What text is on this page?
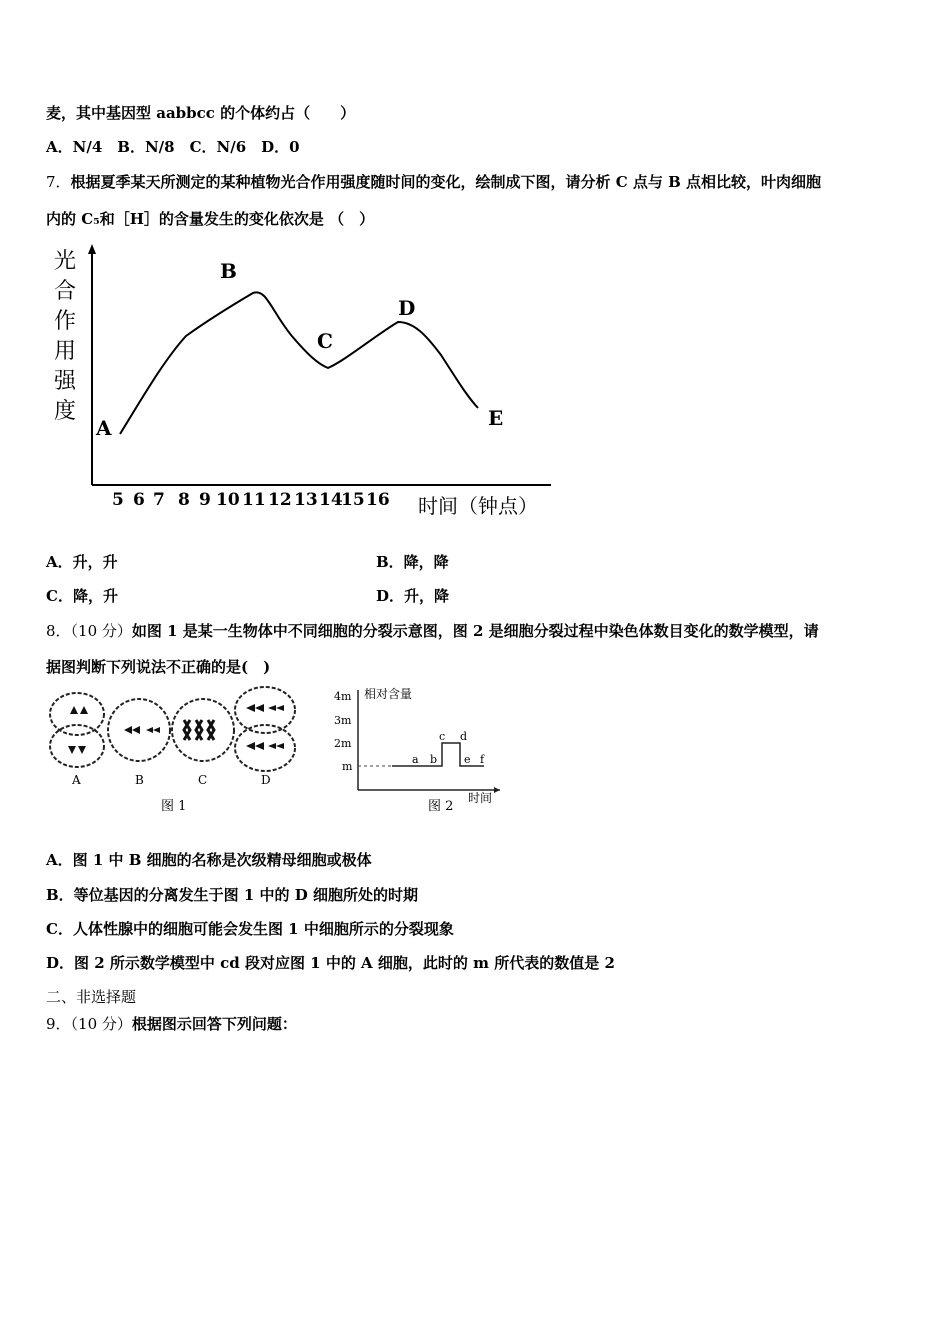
麦，其中基因型 aabbcc 的个体约占（　　）
A．N/4　B．N/8　C．N/6　D．0
7．根据夏季某天所测定的某种植物光合作用强度随时间的变化，绘制成下图，请分析 C 点与 B 点相比较，叶肉细胞
内的 C₅和［H］的含量发生的变化依次是 （　）
光
合
作
用
强
度
A
B
C
D
E
5 6 7 8 9 10 11 12 13 14
15 16 时间（钟点）
A．升，升	B．降，降
C．降，升	D．升，降
8．（10 分）如图 1 是某一生物体中不同细胞的分裂示意图，图 2 是细胞分裂过程中染色体数目变化的数学模型，请
据图判断下列说法不正确的是(　)
A	B	C	D
图 1
相对含量
4m
3m
2m
m
a b
c d
e f
时间
图 2
A．图 1 中 B 细胞的名称是次级精母细胞或极体
B．等位基因的分离发生于图 1 中的 D 细胞所处的时期
C．人体性腺中的细胞可能会发生图 1 中细胞所示的分裂现象
D．图 2 所示数学模型中 cd 段对应图 1 中的 A 细胞，此时的 m 所代表的数值是 2
二、非选择题
9．（10 分）根据图示回答下列问题：
